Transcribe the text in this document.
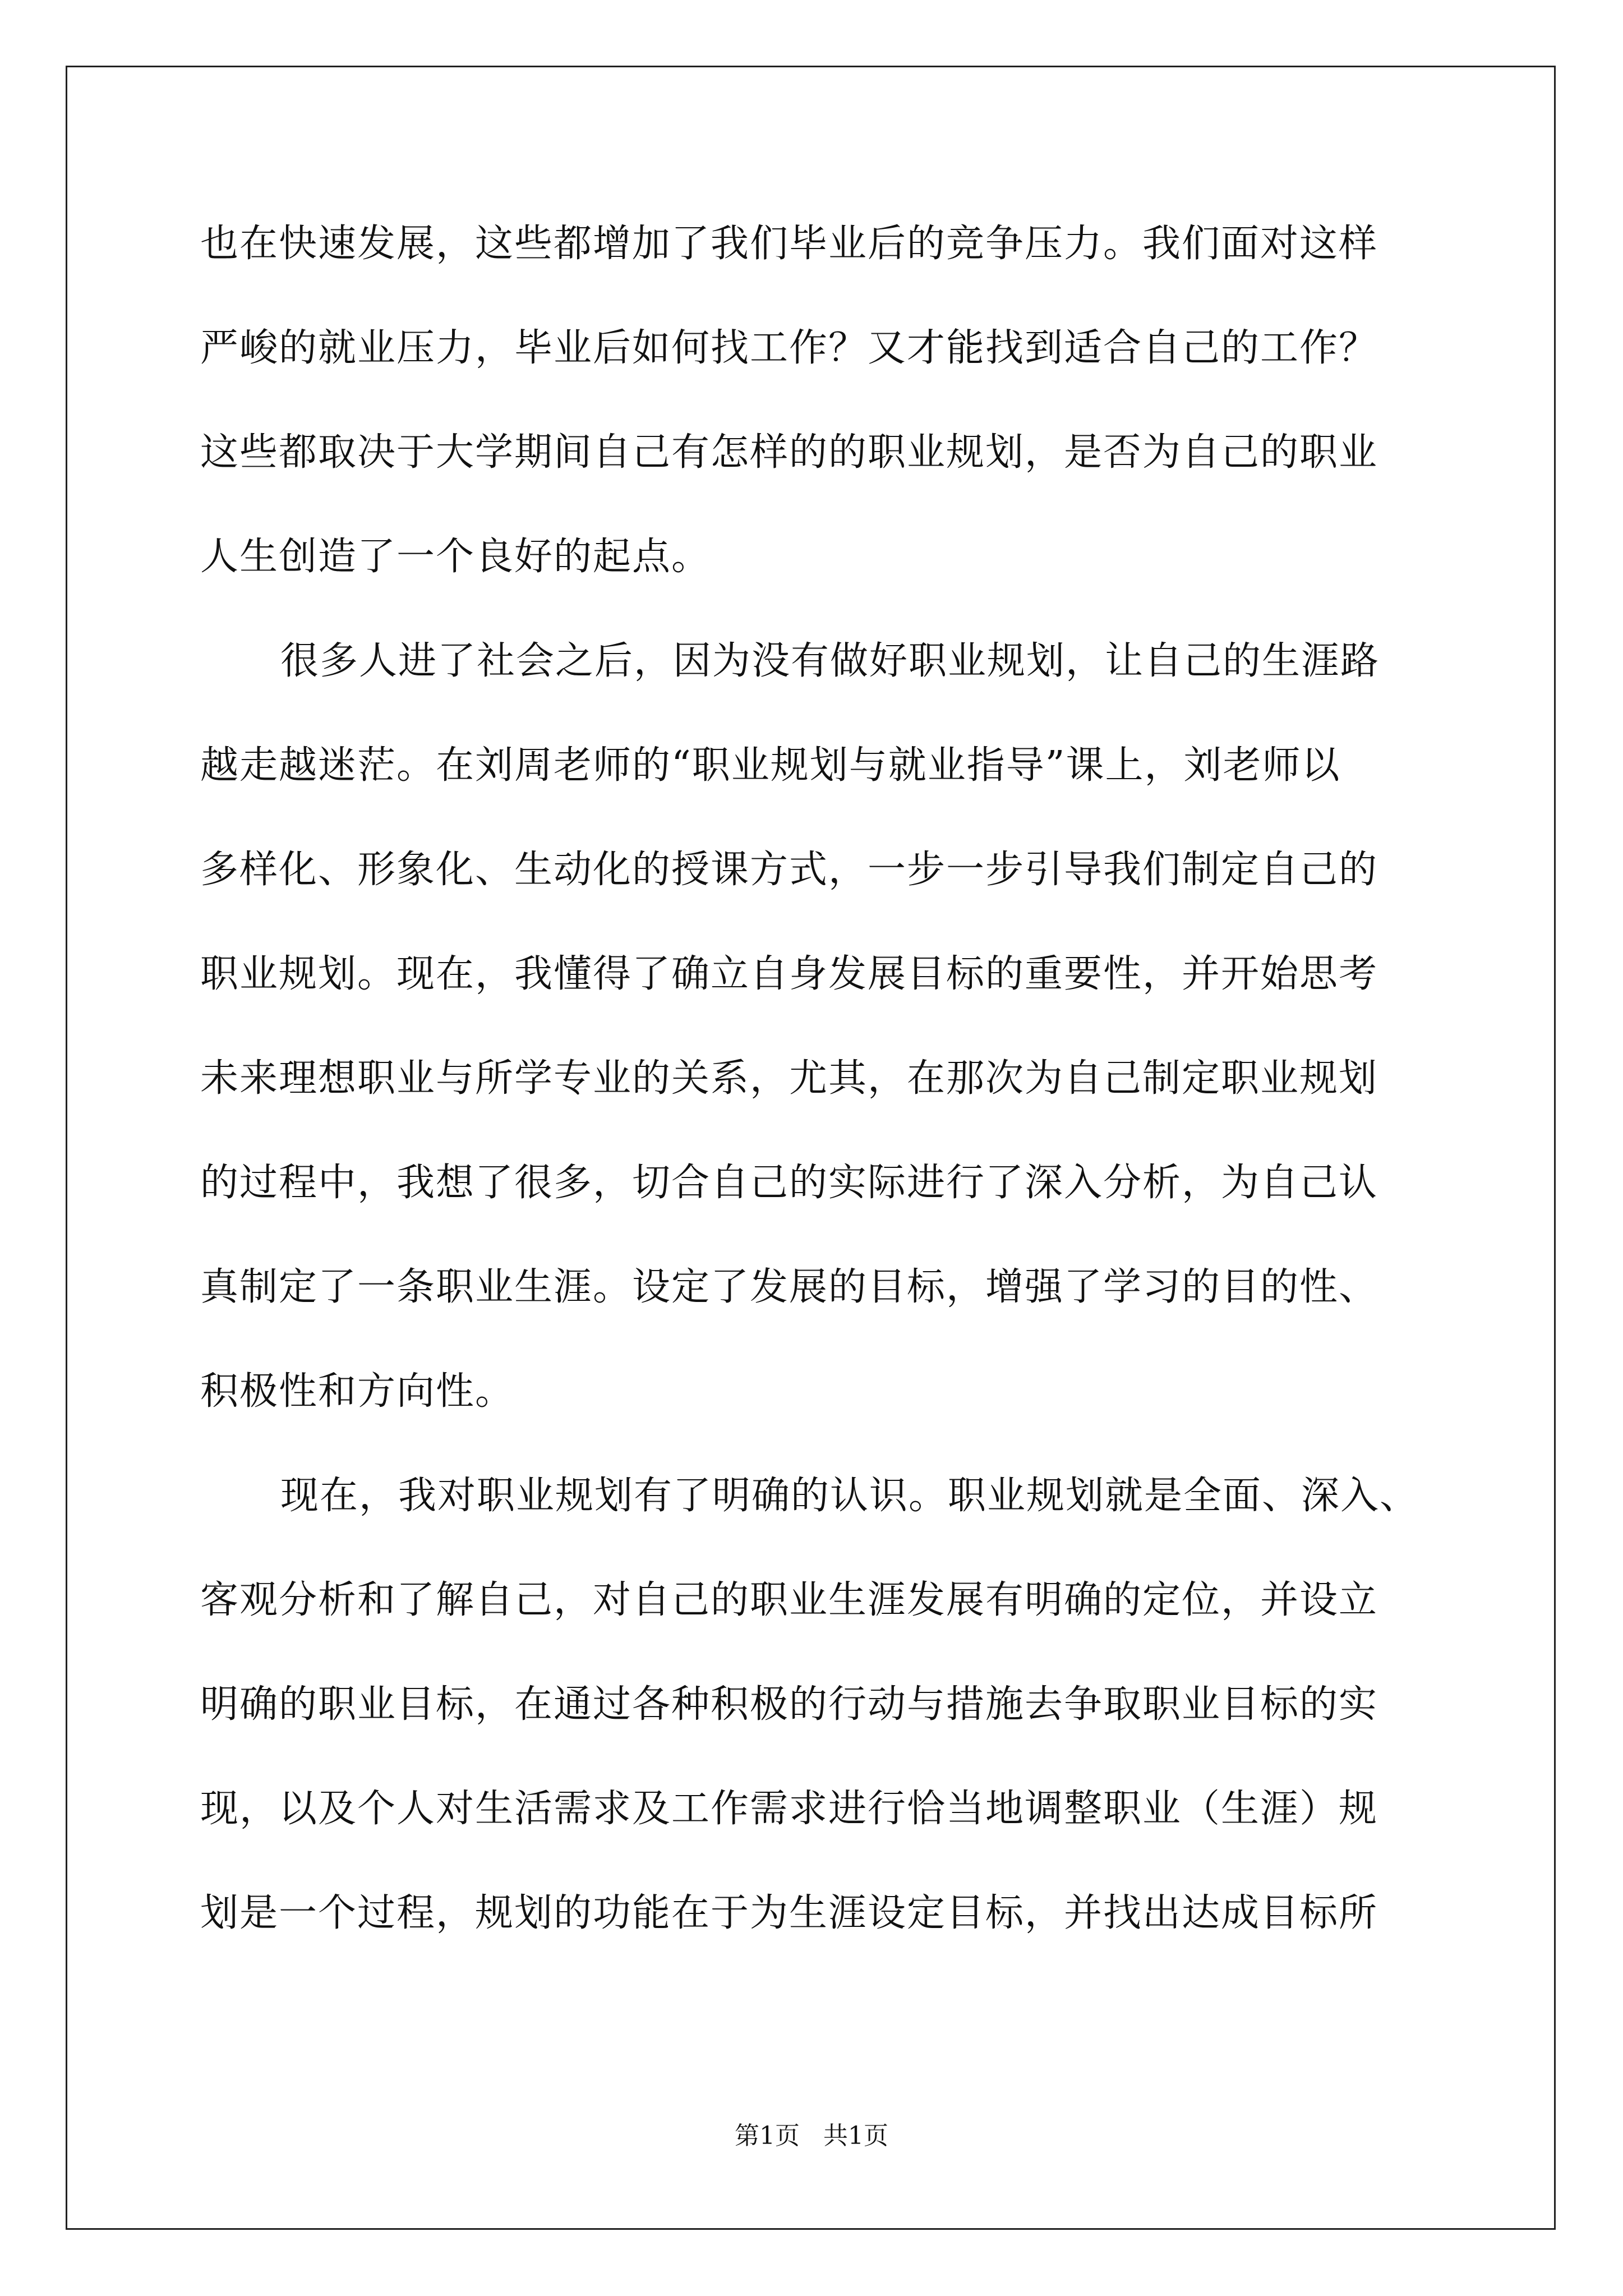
也在快速发展，这些都增加了我们毕业后的竞争压力。我们面对这样
严峻的就业压力，毕业后如何找工作？又才能找到适合自己的工作？
这些都取决于大学期间自己有怎样的的职业规划，是否为自己的职业
人生创造了一个良好的起点。
很多人进了社会之后，因为没有做好职业规划，让自己的生涯路
越走越迷茫。在刘周老师的“职业规划与就业指导”课上，刘老师以
多样化、形象化、生动化的授课方式，一步一步引导我们制定自己的
职业规划。现在，我懂得了确立自身发展目标的重要性，并开始思考
未来理想职业与所学专业的关系，尤其，在那次为自己制定职业规划
的过程中，我想了很多，切合自己的实际进行了深入分析，为自己认
真制定了一条职业生涯。设定了发展的目标，增强了学习的目的性、
积极性和方向性。
现在，我对职业规划有了明确的认识。职业规划就是全面、深入、
客观分析和了解自己，对自己的职业生涯发展有明确的定位，并设立
明确的职业目标，在通过各种积极的行动与措施去争取职业目标的实
现，以及个人对生活需求及工作需求进行恰当地调整职业（生涯）规
划是一个过程，规划的功能在于为生涯设定目标，并找出达成目标所
第1页   共1页
